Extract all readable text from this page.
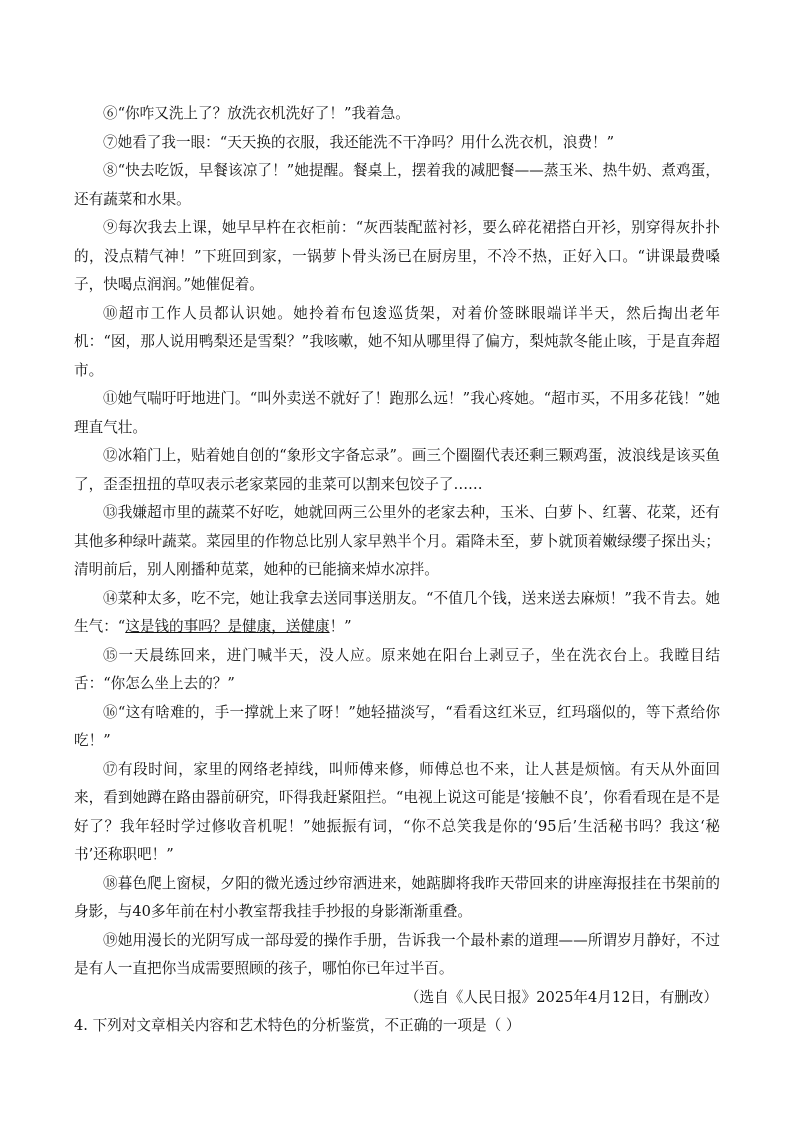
⑥“你咋又洗上了？放洗衣机洗好了！”我着急。

⑦她看了我一眼：“天天换的衣服，我还能洗不干净吗？用什么洗衣机，浪费！”

⑧“快去吃饭，早餐该凉了！”她提醒。餐桌上，摆着我的减肥餐——蒸玉米、热牛奶、煮鸡蛋，还有蔬菜和水果。

⑨每次我去上课，她早早杵在衣柜前：“灰西装配蓝衬衫，要么碎花裙搭白开衫，别穿得灰扑扑的，没点精气神！”下班回到家，一锅萝卜骨头汤已在厨房里，不冷不热，正好入口。“讲课最费嗓子，快喝点润润。”她催促着。

⑩超市工作人员都认识她。她拎着布包逡巡货架，对着价签眯眼端详半天，然后掏出老年机：“囡，那人说用鸭梨还是雪梨？”我咳嗽，她不知从哪里得了偏方，梨炖款冬能止咳，于是直奔超市。

⑪她气喘吁吁地进门。“叫外卖送不就好了！跑那么远！”我心疼她。“超市买，不用多花钱！”她理直气壮。

⑫冰箱门上，贴着她自创的“象形文字备忘录”。画三个圈圈代表还剩三颗鸡蛋，波浪线是该买鱼了，歪歪扭扭的草叹表示老家菜园的韭菜可以割来包饺子了……

⑬我嫌超市里的蔬菜不好吃，她就回两三公里外的老家去种，玉米、白萝卜、红薯、花菜，还有其他多种绿叶蔬菜。菜园里的作物总比别人家早熟半个月。霜降未至，萝卜就顶着嫩绿缨子探出头；清明前后，别人刚播种苋菜，她种的已能摘来焯水凉拌。

⑭菜种太多，吃不完，她让我拿去送同事送朋友。“不值几个钱，送来送去麻烦！”我不肯去。她生气：“这是钱的事吗？是健康，送健康！”

⑮一天晨练回来，进门喊半天，没人应。原来她在阳台上剥豆子，坐在洗衣台上。我瞠目结舌：“你怎么坐上去的？”

⑯“这有啥难的，手一撑就上来了呀！”她轻描淡写，“看看这红米豆，红玛瑙似的，等下煮给你吃！”

⑰有段时间，家里的网络老掉线，叫师傅来修，师傅总也不来，让人甚是烦恼。有天从外面回来，看到她蹲在路由器前研究，吓得我赶紧阻拦。“电视上说这可能是‘接触不良’，你看看现在是不是好了？我年轻时学过修收音机呢！”她振振有词，“你不总笑我是你的‘95后’生活秘书吗？我这‘秘书’还称职吧！”

⑱暮色爬上窗棂，夕阳的微光透过纱帘洒进来，她踮脚将我昨天带回来的讲座海报挂在书架前的身影，与40多年前在村小教室帮我挂手抄报的身影渐渐重叠。

⑲她用漫长的光阴写成一部母爱的操作手册，告诉我一个最朴素的道理——所谓岁月静好，不过是有人一直把你当成需要照顾的孩子，哪怕你已年过半百。

（选自《人民日报》2025年4月12日，有删改）

4. 下列对文章相关内容和艺术特色的分析鉴赏，不正确的一项是（ ）
